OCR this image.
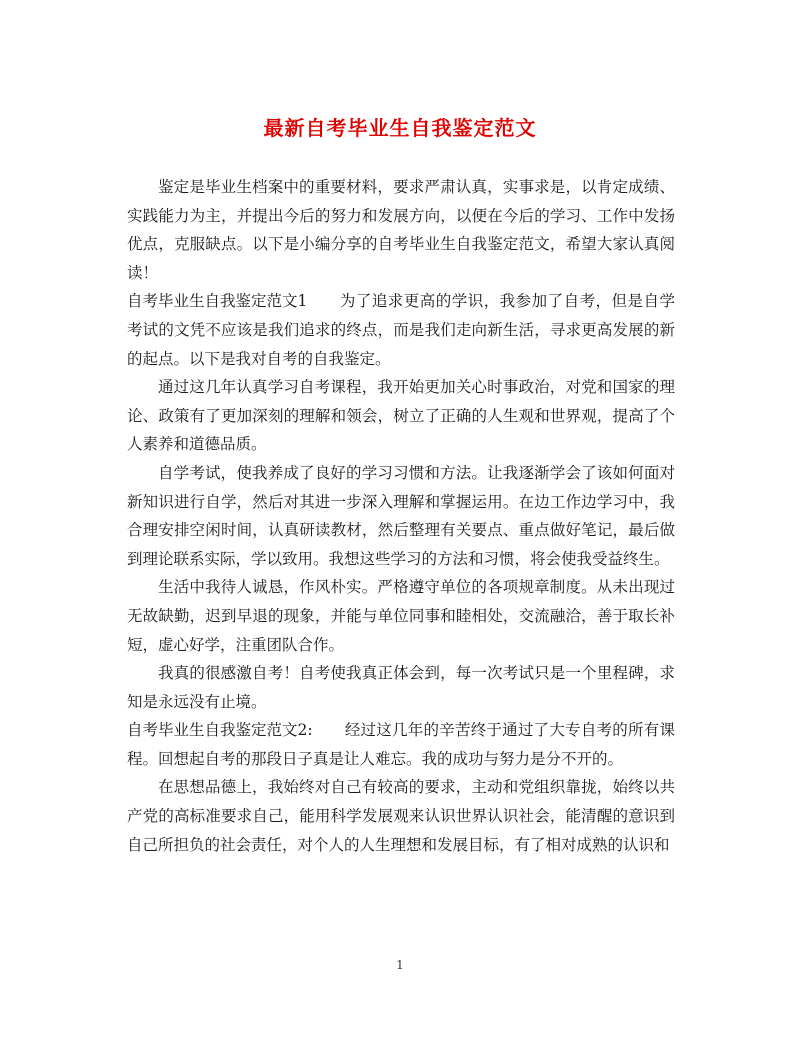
最新自考毕业生自我鉴定范文

鉴定是毕业生档案中的重要材料，要求严肃认真，实事求是，以肯定成绩、实践能力为主，并提出今后的努力和发展方向，以便在今后的学习、工作中发扬优点，克服缺点。以下是小编分享的自考毕业生自我鉴定范文，希望大家认真阅读！

自考毕业生自我鉴定范文1 为了追求更高的学识，我参加了自考，但是自学考试的文凭不应该是我们追求的终点，而是我们走向新生活，寻求更高发展的新的起点。以下是我对自考的自我鉴定。

通过这几年认真学习自考课程，我开始更加关心时事政治，对党和国家的理论、政策有了更加深刻的理解和领会，树立了正确的人生观和世界观，提高了个人素养和道德品质。

自学考试，使我养成了良好的学习习惯和方法。让我逐渐学会了该如何面对新知识进行自学，然后对其进一步深入理解和掌握运用。在边工作边学习中，我合理安排空闲时间，认真研读教材，然后整理有关要点、重点做好笔记，最后做到理论联系实际，学以致用。我想这些学习的方法和习惯，将会使我受益终生。

生活中我待人诚恳，作风朴实。严格遵守单位的各项规章制度。从未出现过无故缺勤，迟到早退的现象，并能与单位同事和睦相处，交流融洽，善于取长补短，虚心好学，注重团队合作。

我真的很感激自考！自考使我真正体会到，每一次考试只是一个里程碑，求知是永远没有止境。

自考毕业生自我鉴定范文2: 经过这几年的辛苦终于通过了大专自考的所有课程。回想起自考的那段日子真是让人难忘。我的成功与努力是分不开的。

在思想品德上，我始终对自己有较高的要求，主动和党组织靠拢，始终以共产党的高标准要求自己，能用科学发展观来认识世界认识社会，能清醒的意识到自己所担负的社会责任，对个人的人生理想和发展目标，有了相对成熟的认识和

1
